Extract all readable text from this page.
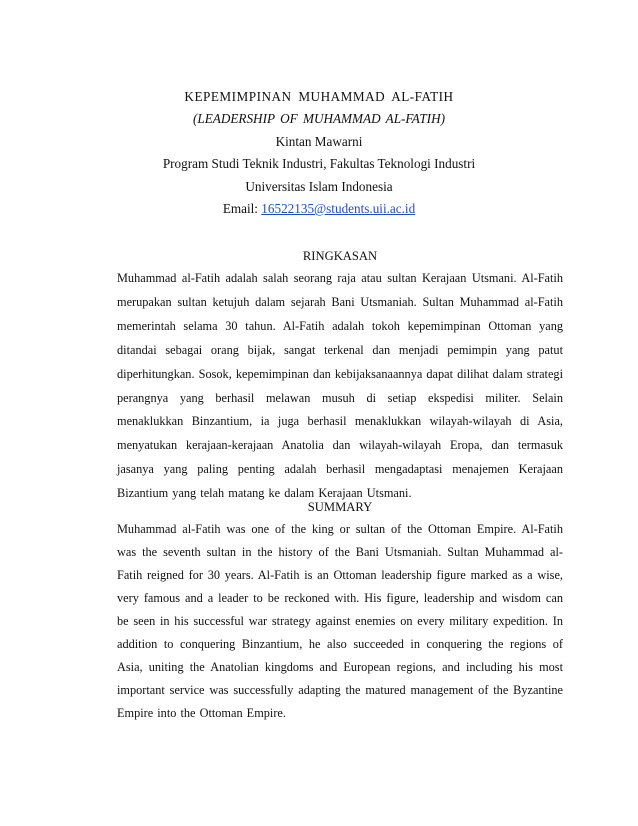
KEPEMIMPINAN MUHAMMAD AL-FATIH
(LEADERSHIP OF MUHAMMAD AL-FATIH)
Kintan Mawarni
Program Studi Teknik Industri, Fakultas Teknologi Industri
Universitas Islam Indonesia
Email: 16522135@students.uii.ac.id
RINGKASAN
Muhammad al-Fatih adalah salah seorang raja atau sultan Kerajaan Utsmani. Al-Fatih merupakan sultan ketujuh dalam sejarah Bani Utsmaniah. Sultan Muhammad al-Fatih memerintah selama 30 tahun. Al-Fatih adalah tokoh kepemimpinan Ottoman yang ditandai sebagai orang bijak, sangat terkenal dan menjadi pemimpin yang patut diperhitungkan. Sosok, kepemimpinan dan kebijaksanaannya dapat dilihat dalam strategi perangnya yang berhasil melawan musuh di setiap ekspedisi militer. Selain menaklukkan Binzantium, ia juga berhasil menaklukkan wilayah-wilayah di Asia, menyatukan kerajaan-kerajaan Anatolia dan wilayah-wilayah Eropa, dan termasuk jasanya yang paling penting adalah berhasil mengadaptasi menajemen Kerajaan Bizantium yang telah matang ke dalam Kerajaan Utsmani.
SUMMARY
Muhammad al-Fatih was one of the king or sultan of the Ottoman Empire. Al-Fatih was the seventh sultan in the history of the Bani Utsmaniah. Sultan Muhammad al-Fatih reigned for 30 years. Al-Fatih is an Ottoman leadership figure marked as a wise, very famous and a leader to be reckoned with. His figure, leadership and wisdom can be seen in his successful war strategy against enemies on every military expedition. In addition to conquering Binzantium, he also succeeded in conquering the regions of Asia, uniting the Anatolian kingdoms and European regions, and including his most important service was successfully adapting the matured management of the Byzantine Empire into the Ottoman Empire.
